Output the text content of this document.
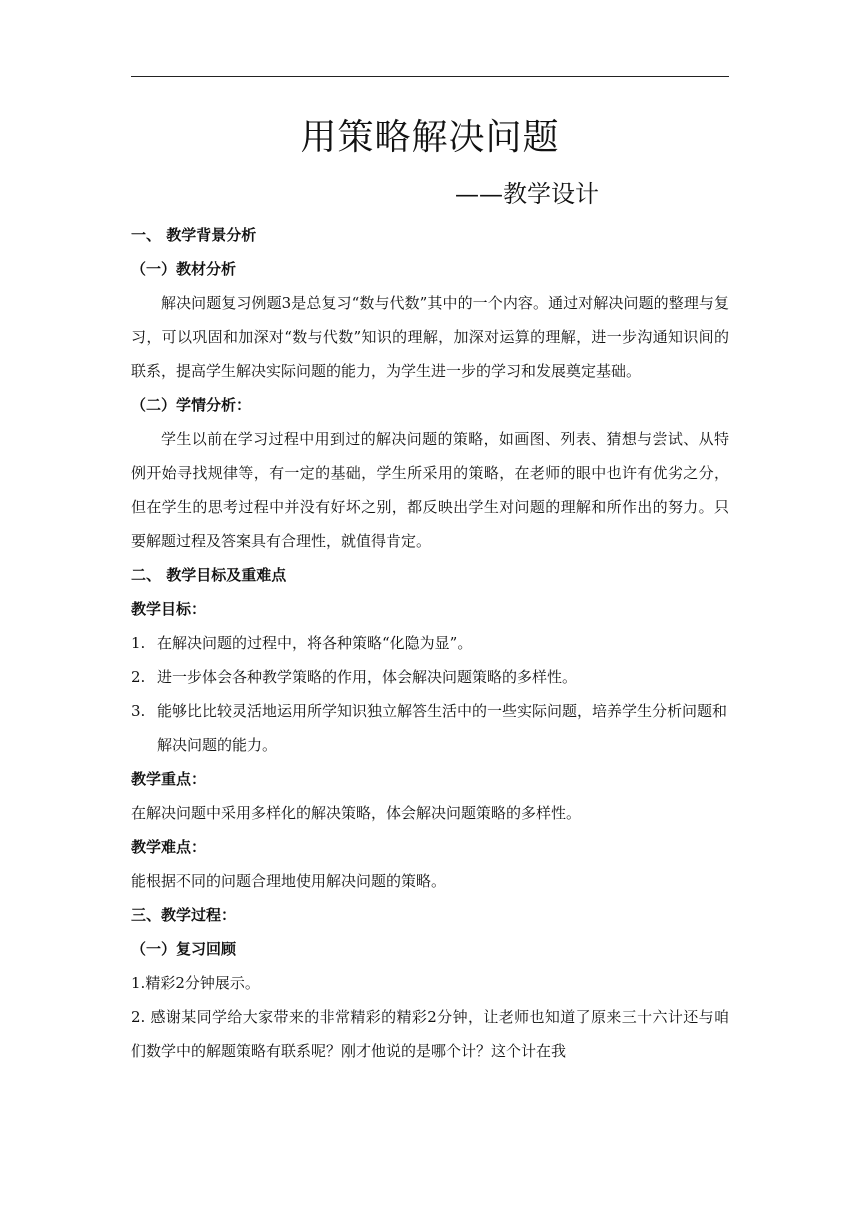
用策略解决问题
——教学设计
一、 教学背景分析
（一）教材分析
解决问题复习例题3是总复习“数与代数”其中的一个内容。通过对解决问题的整理与复习，可以巩固和加深对“数与代数”知识的理解，加深对运算的理解，进一步沟通知识间的联系，提高学生解决实际问题的能力，为学生进一步的学习和发展奠定基础。
（二）学情分析：
学生以前在学习过程中用到过的解决问题的策略，如画图、列表、猜想与尝试、从特例开始寻找规律等，有一定的基础，学生所采用的策略，在老师的眼中也许有优劣之分，但在学生的思考过程中并没有好坏之别，都反映出学生对问题的理解和所作出的努力。只要解题过程及答案具有合理性，就值得肯定。
二、 教学目标及重难点
教学目标：
1. 在解决问题的过程中，将各种策略“化隐为显”。
2. 进一步体会各种教学策略的作用，体会解决问题策略的多样性。
3. 能够比比较灵活地运用所学知识独立解答生活中的一些实际问题，培养学生分析问题和解决问题的能力。
教学重点：
在解决问题中采用多样化的解决策略，体会解决问题策略的多样性。
教学难点：
能根据不同的问题合理地使用解决问题的策略。
三、教学过程：
（一）复习回顾
1.精彩2分钟展示。
2. 感谢某同学给大家带来的非常精彩的精彩2分钟，让老师也知道了原来三十六计还与咱们数学中的解题策略有联系呢？刚才他说的是哪个计？这个计在我
